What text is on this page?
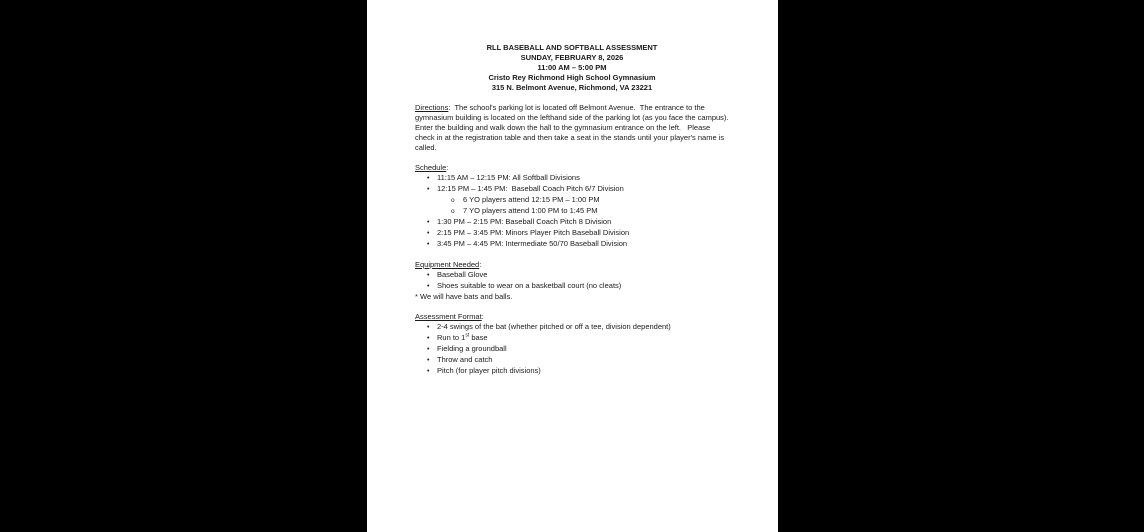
RLL BASEBALL AND SOFTBALL ASSESSMENT
SUNDAY, FEBRUARY 8, 2026
11:00 AM – 5:00 PM
Cristo Rey Richmond High School Gymnasium
315 N. Belmont Avenue, Richmond, VA 23221
Directions:  The school's parking lot is located off Belmont Avenue.  The entrance to the gymnasium building is located on the lefthand side of the parking lot (as you face the campus).  Enter the building and walk down the hall to the gymnasium entrance on the left.   Please check in at the registration table and then take a seat in the stands until your player's name is called.
Schedule:
•	11:15 AM – 12:15 PM: All Softball Divisions
•	12:15 PM – 1:45 PM:  Baseball Coach Pitch 6/7 Division
o	6 YO players attend 12:15 PM – 1:00 PM
o	7 YO players attend 1:00 PM to 1:45 PM
•	1:30 PM – 2:15 PM: Baseball Coach Pitch 8 Division
•	2:15 PM – 3:45 PM: Minors Player Pitch Baseball Division
•	3:45 PM – 4:45 PM: Intermediate 50/70 Baseball Division
Equipment Needed:
•	Baseball Glove
•	Shoes suitable to wear on a basketball court (no cleats)
* We will have bats and balls.
Assessment Format:
•	2-4 swings of the bat (whether pitched or off a tee, division dependent)
•	Run to 1st base
•	Fielding a groundball
•	Throw and catch
•	Pitch (for player pitch divisions)
